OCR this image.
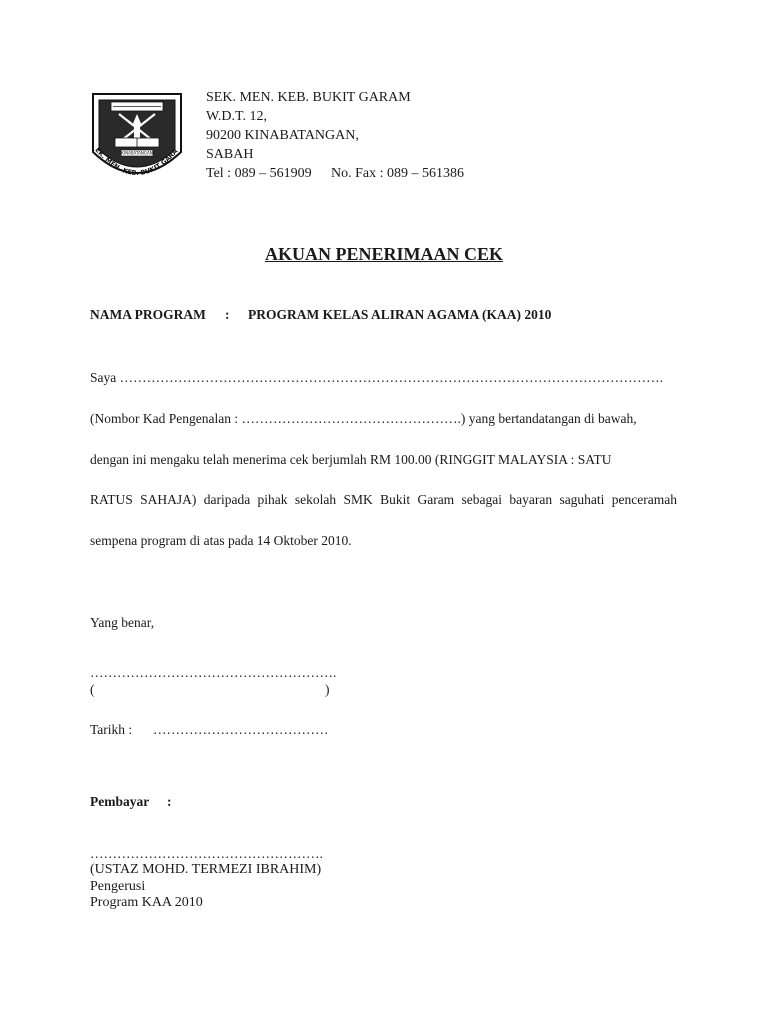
KINABATANGAN
EK. MEN. KEB. BUKIT GARA
SEK. MEN. KEB. BUKIT GARAM
W.D.T. 12,
90200 KINABATANGAN,
SABAH
Tel : 089 – 561909 No. Fax : 089 – 561386
AKUAN PENERIMAAN CEK
NAMA PROGRAM : PROGRAM KELAS ALIRAN AGAMA (KAA) 2010
Saya ………………………………………………………………………………………………………….
(Nombor Kad Pengenalan : ………………………………………….) yang bertandatangan di bawah,
dengan ini mengaku telah menerima cek berjumlah RM 100.00 (RINGGIT MALAYSIA : SATU
RATUS SAHAJA) daripada pihak sekolah SMK Bukit Garam sebagai bayaran saguhati penceramah
sempena program di atas pada 14 Oktober 2010.
Yang benar,
……………………………………………….
(	)
Tarikh : …………………………………
Pembayar :
…………………………………………….
(USTAZ MOHD. TERMEZI IBRAHIM)
Pengerusi
Program KAA 2010
